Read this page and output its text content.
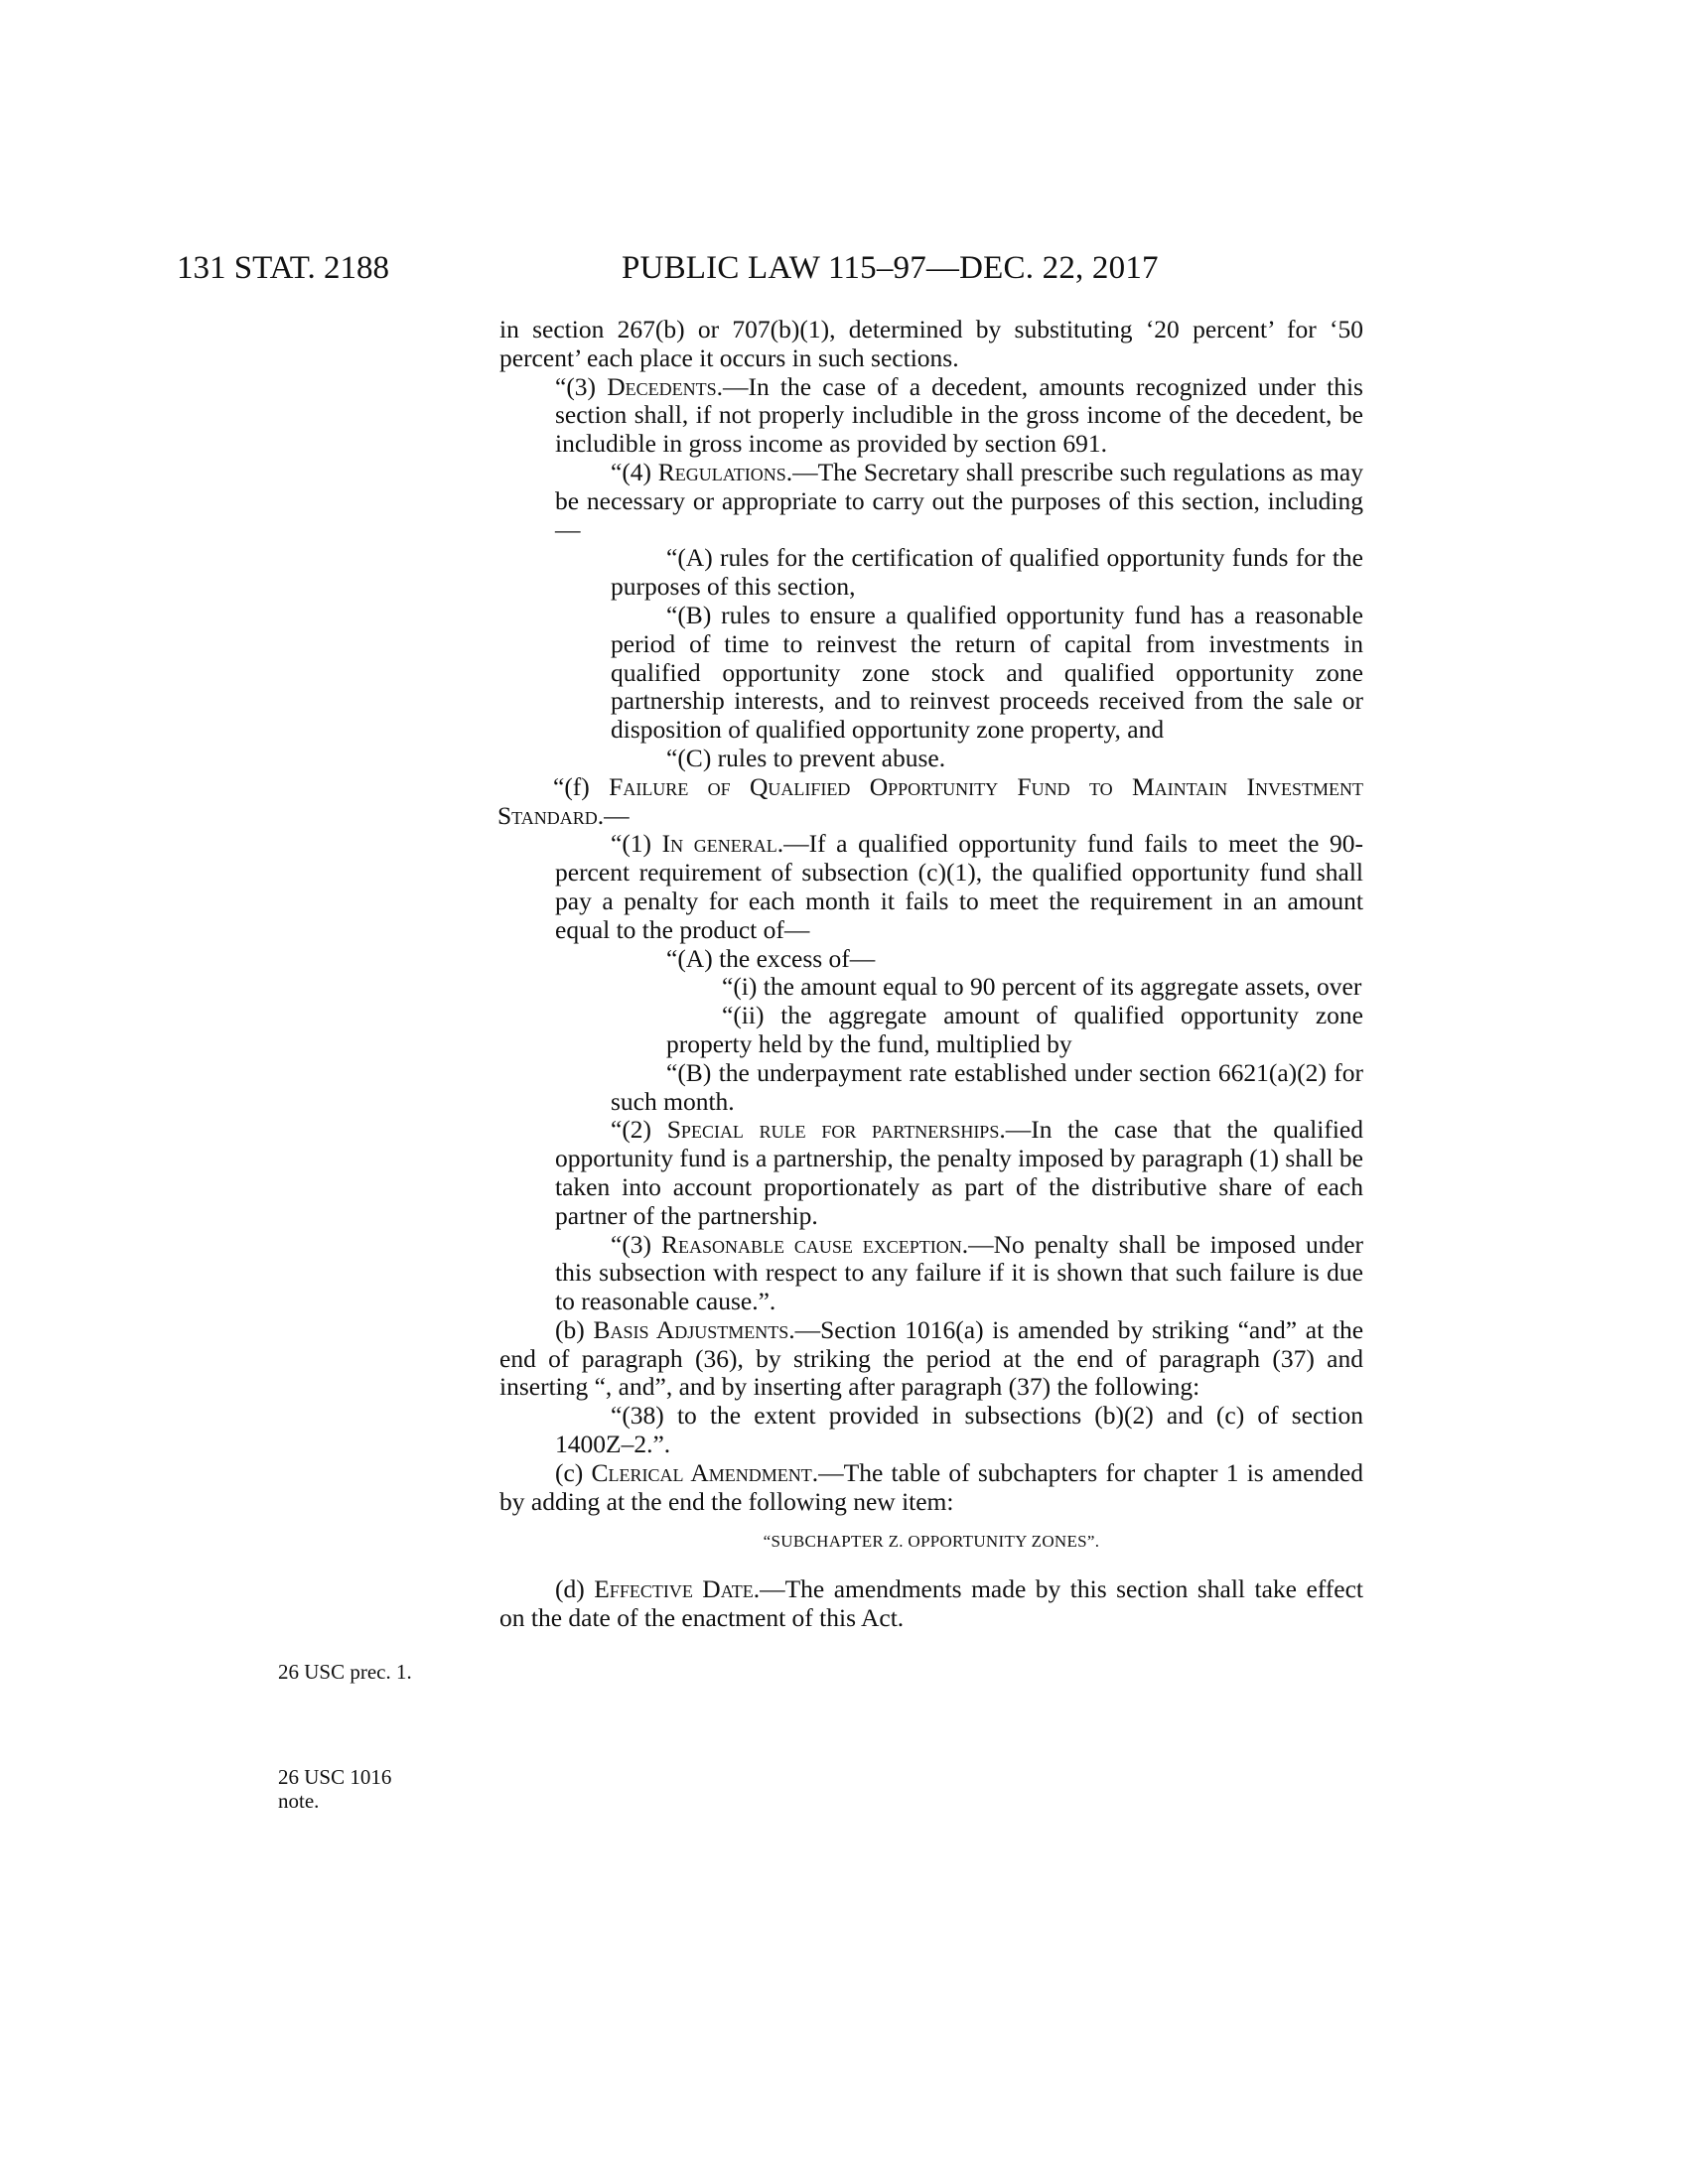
131 STAT. 2188	PUBLIC LAW 115–97—DEC. 22, 2017
26 USC prec. 1.
26 USC 1016
note.

in section 267(b) or 707(b)(1), determined by substituting ‘20 percent’ for ‘50 percent’ each place it occurs in such sections.

“(3) Decedents.—In the case of a decedent, amounts recognized under this section shall, if not properly includible in the gross income of the decedent, be includible in gross income as provided by section 691.

“(4) Regulations.—The Secretary shall prescribe such regulations as may be necessary or appropriate to carry out the purposes of this section, including—

“(A) rules for the certification of qualified opportunity funds for the purposes of this section,

“(B) rules to ensure a qualified opportunity fund has a reasonable period of time to reinvest the return of capital from investments in qualified opportunity zone stock and qualified opportunity zone partnership interests, and to reinvest proceeds received from the sale or disposition of qualified opportunity zone property, and

“(C) rules to prevent abuse.

“(f) Failure of Qualified Opportunity Fund to Maintain Investment Standard.—

“(1) In general.—If a qualified opportunity fund fails to meet the 90-percent requirement of subsection (c)(1), the qualified opportunity fund shall pay a penalty for each month it fails to meet the requirement in an amount equal to the product of—

“(A) the excess of—

“(i) the amount equal to 90 percent of its aggregate assets, over

“(ii) the aggregate amount of qualified opportunity zone property held by the fund, multiplied by

“(B) the underpayment rate established under section 6621(a)(2) for such month.

“(2) Special rule for partnerships.—In the case that the qualified opportunity fund is a partnership, the penalty imposed by paragraph (1) shall be taken into account proportionately as part of the distributive share of each partner of the partnership.

“(3) Reasonable cause exception.—No penalty shall be imposed under this subsection with respect to any failure if it is shown that such failure is due to reasonable cause.”.

(b) Basis Adjustments.—Section 1016(a) is amended by striking “and” at the end of paragraph (36), by striking the period at the end of paragraph (37) and inserting “, and”, and by inserting after paragraph (37) the following:

“(38) to the extent provided in subsections (b)(2) and (c) of section 1400Z–2.”.

(c) Clerical Amendment.—The table of subchapters for chapter 1 is amended by adding at the end the following new item:

“SUBCHAPTER Z. OPPORTUNITY ZONES”.

(d) Effective Date.—The amendments made by this section shall take effect on the date of the enactment of this Act.
